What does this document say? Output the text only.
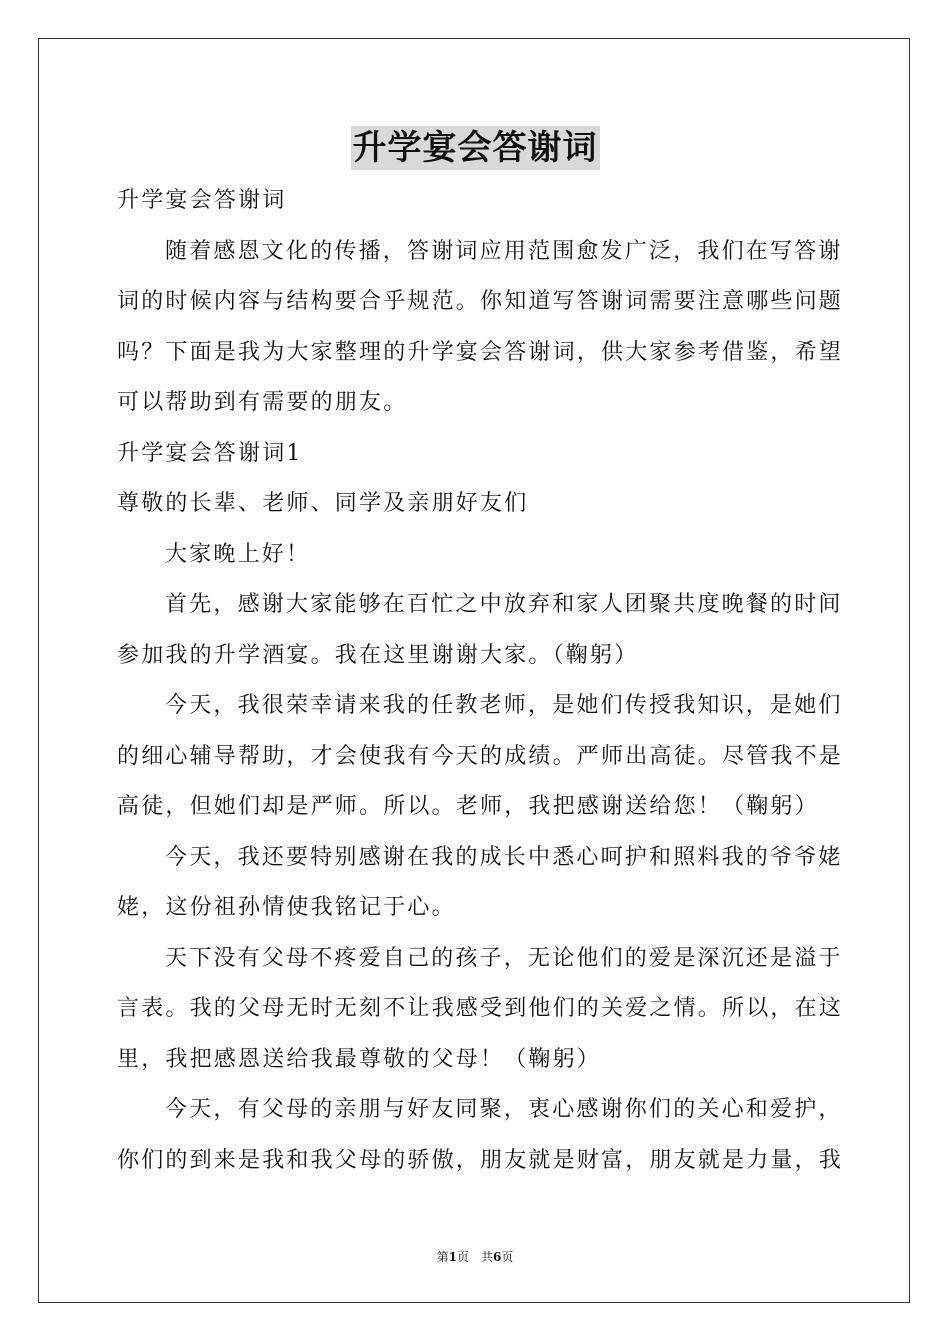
升学宴会答谢词
升学宴会答谢词
随着感恩文化的传播，答谢词应用范围愈发广泛，我们在写答谢
词的时候内容与结构要合乎规范。你知道写答谢词需要注意哪些问题
吗？下面是我为大家整理的升学宴会答谢词，供大家参考借鉴，希望
可以帮助到有需要的朋友。
升学宴会答谢词1
尊敬的长辈、老师、同学及亲朋好友们
大家晚上好！
首先，感谢大家能够在百忙之中放弃和家人团聚共度晚餐的时间
参加我的升学酒宴。我在这里谢谢大家。（鞠躬）
今天，我很荣幸请来我的任教老师，是她们传授我知识，是她们
的细心辅导帮助，才会使我有今天的成绩。严师出高徒。尽管我不是
高徒，但她们却是严师。所以。老师，我把感谢送给您！（鞠躬）
今天，我还要特别感谢在我的成长中悉心呵护和照料我的爷爷姥
姥，这份祖孙情使我铭记于心。
天下没有父母不疼爱自己的孩子，无论他们的爱是深沉还是溢于
言表。我的父母无时无刻不让我感受到他们的关爱之情。所以，在这
里，我把感恩送给我最尊敬的父母！（鞠躬）
今天，有父母的亲朋与好友同聚，衷心感谢你们的关心和爱护，
你们的到来是我和我父母的骄傲，朋友就是财富，朋友就是力量，我
第1页　共6页
